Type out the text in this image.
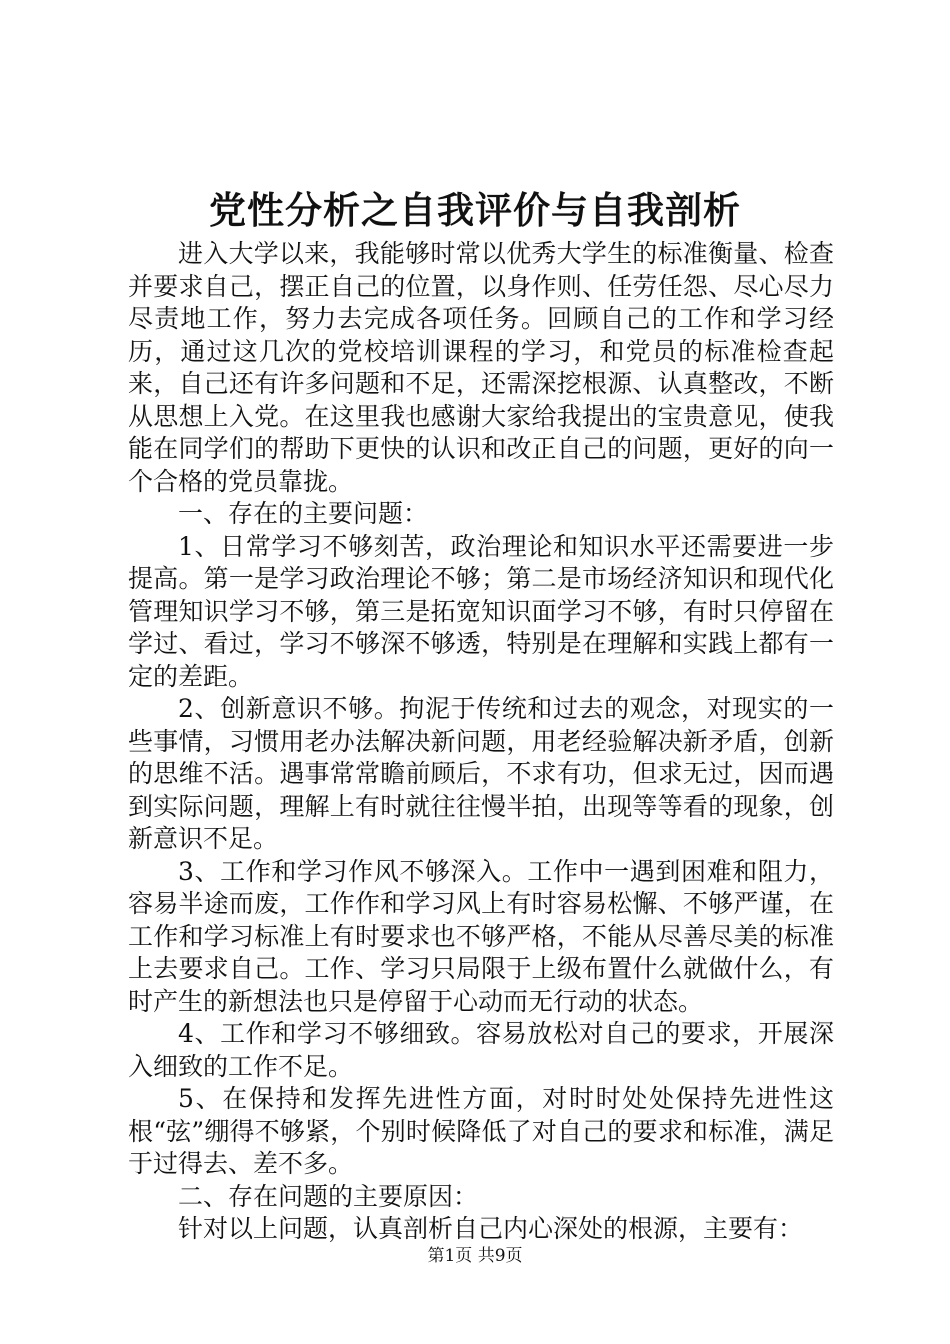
党性分析之自我评价与自我剖析

进入大学以来，我能够时常以优秀大学生的标准衡量、检查并要求自己，摆正自己的位置，以身作则、任劳任怨、尽心尽力尽责地工作，努力去完成各项任务。回顾自己的工作和学习经历，通过这几次的党校培训课程的学习，和党员的标准检查起来，自己还有许多问题和不足，还需深挖根源、认真整改，不断从思想上入党。在这里我也感谢大家给我提出的宝贵意见，使我能在同学们的帮助下更快的认识和改正自己的问题，更好的向一个合格的党员靠拢。

一、存在的主要问题：

1、日常学习不够刻苦，政治理论和知识水平还需要进一步提高。第一是学习政治理论不够；第二是市场经济知识和现代化管理知识学习不够，第三是拓宽知识面学习不够，有时只停留在学过、看过，学习不够深不够透，特别是在理解和实践上都有一定的差距。

2、创新意识不够。拘泥于传统和过去的观念，对现实的一些事情，习惯用老办法解决新问题，用老经验解决新矛盾，创新的思维不活。遇事常常瞻前顾后，不求有功，但求无过，因而遇到实际问题，理解上有时就往往慢半拍，出现等等看的现象，创新意识不足。

3、工作和学习作风不够深入。工作中一遇到困难和阻力，容易半途而废，工作作和学习风上有时容易松懈、不够严谨，在工作和学习标准上有时要求也不够严格，不能从尽善尽美的标准上去要求自己。工作、学习只局限于上级布置什么就做什么，有时产生的新想法也只是停留于心动而无行动的状态。

4、工作和学习不够细致。容易放松对自己的要求，开展深入细致的工作不足。

5、在保持和发挥先进性方面，对时时处处保持先进性这根“弦”绷得不够紧，个别时候降低了对自己的要求和标准，满足于过得去、差不多。

二、存在问题的主要原因：

针对以上问题，认真剖析自己内心深处的根源，主要有：

第1页 共9页
